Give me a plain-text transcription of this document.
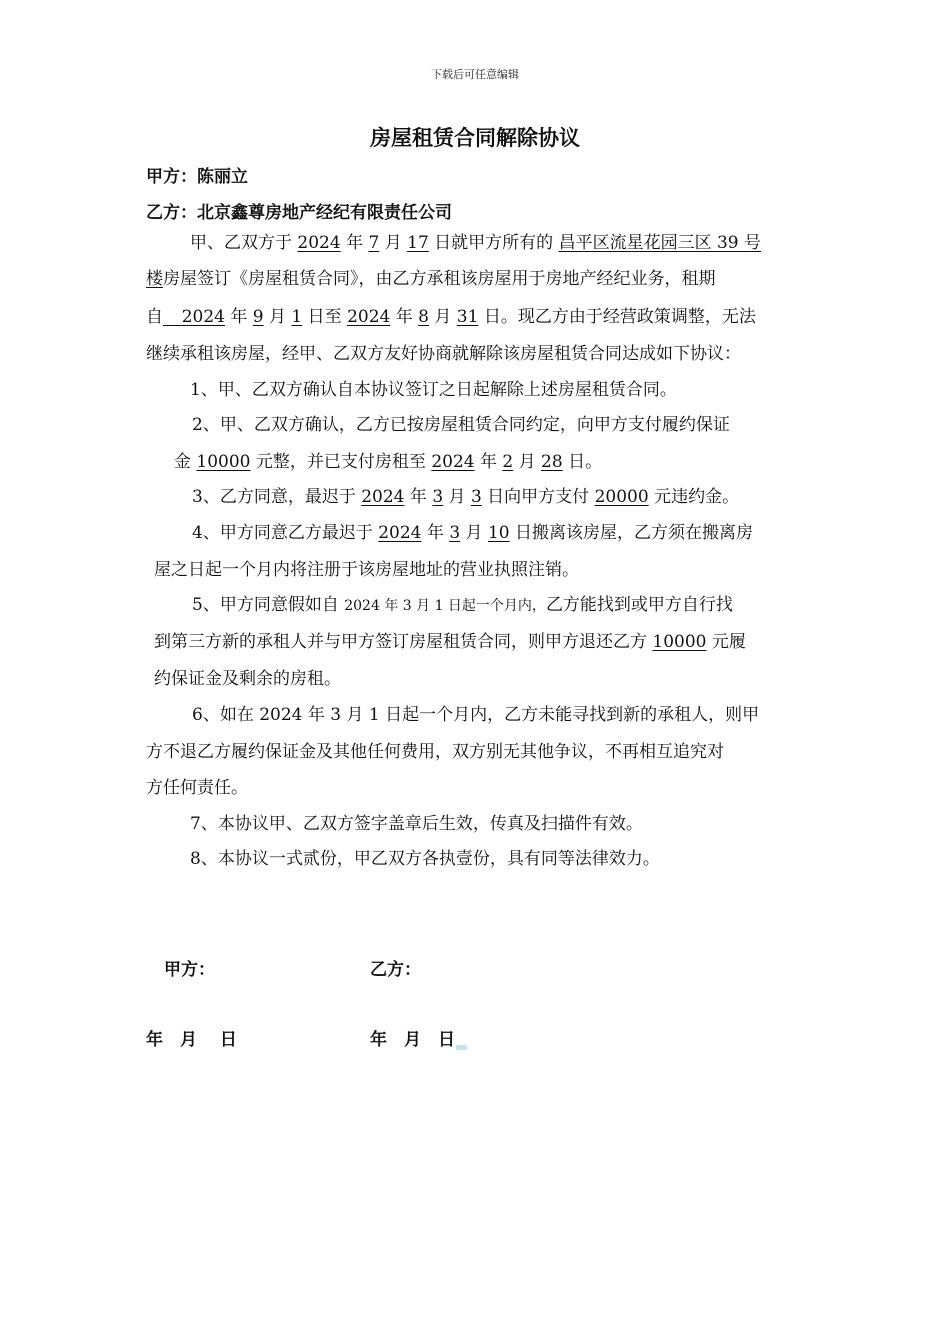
下载后可任意编辑
房屋租赁合同解除协议
甲方：陈丽立
乙方：北京鑫尊房地产经纪有限责任公司
甲、乙双方于 2024 年 7 月 17 日就甲方所有的 昌平区流星花园三区 39 号
楼房屋签订《房屋租赁合同》，由乙方承租该房屋用于房地产经纪业务，租期
自　  2024 年 9 月 1 日至 2024 年 8 月 31 日。现乙方由于经营政策调整，无法
继续承租该房屋，经甲、乙双方友好协商就解除该房屋租赁合同达成如下协议：
1、甲、乙双方确认自本协议签订之日起解除上述房屋租赁合同。
2、甲、乙双方确认，乙方已按房屋租赁合同约定，向甲方支付履约保证
金 10000 元整，并已支付房租至 2024 年 2 月 28 日。
3、乙方同意，最迟于 2024 年 3 月 3 日向甲方支付 20000 元违约金。
4、甲方同意乙方最迟于 2024 年 3 月 10 日搬离该房屋，乙方须在搬离房
屋之日起一个月内将注册于该房屋地址的营业执照注销。
5、甲方同意假如自 2024 年 3 月 1 日起一个月内，乙方能找到或甲方自行找
到第三方新的承租人并与甲方签订房屋租赁合同，则甲方退还乙方 10000 元履
约保证金及剩余的房租。
6、如在 2024 年 3 月 1 日起一个月内，乙方未能寻找到新的承租人，则甲
方不退乙方履约保证金及其他任何费用，双方别无其他争议，不再相互追究对
方任何责任。
7、本协议甲、乙双方签字盖章后生效，传真及扫描件有效。
8、本协议一式贰份，甲乙双方各执壹份，具有同等法律效力。
甲方：	乙方：
年　月　 日	年　月　日
